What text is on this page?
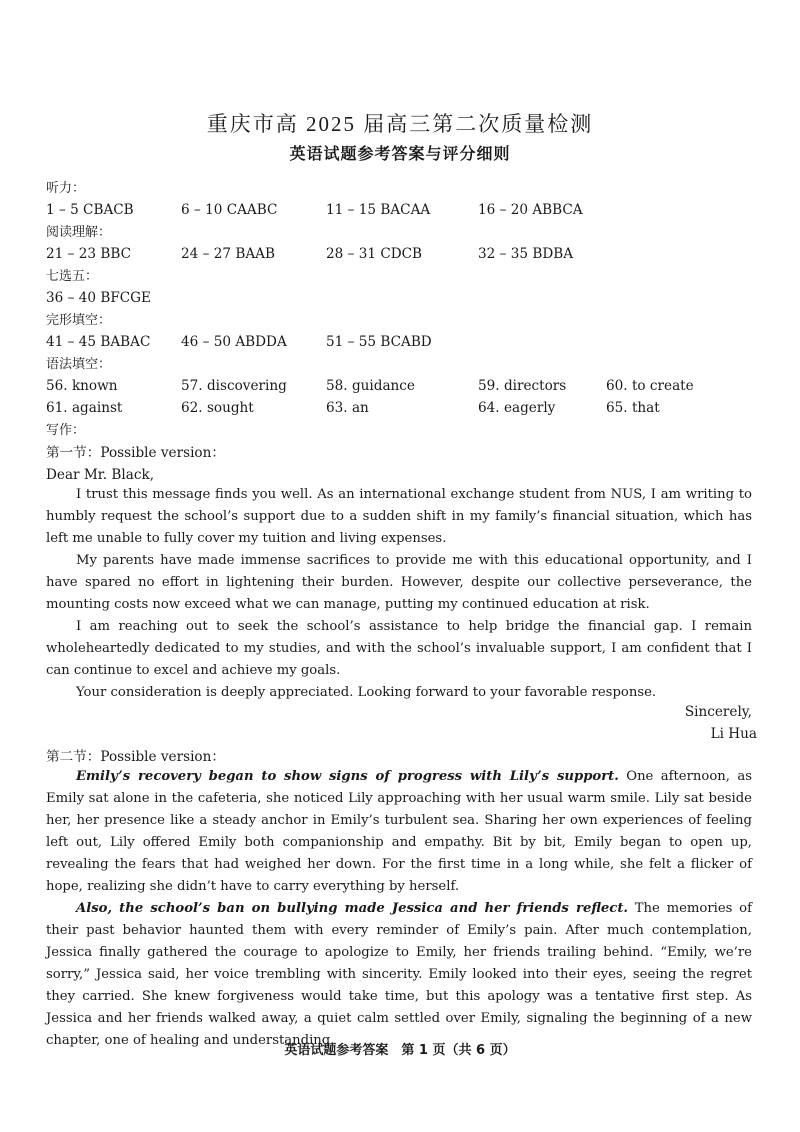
重庆市高 2025 届高三第二次质量检测
英语试题参考答案与评分细则
听力：
1 – 5 CBACB	6 – 10 CAABC	11 – 15 BACAA	16 – 20 ABBCA
阅读理解：
21 – 23 BBC	24 – 27 BAAB	28 – 31 CDCB	32 – 35 BDBA
七选五：
36 – 40 BFCGE
完形填空：
41 – 45 BABAC 46 – 50 ABDDA	51 – 55 BCABD
语法填空：
56. known	57. discovering	58. guidance	59. directors	60. to create
61. against	62. sought	63. an	64. eagerly	65. that
写作：
第一节：Possible version：
Dear Mr. Black,

I trust this message finds you well. As an international exchange student from NUS, I am writing to humbly request the school’s support due to a sudden shift in my family’s financial situation, which has left me unable to fully cover my tuition and living expenses.

My parents have made immense sacrifices to provide me with this educational opportunity, and I have spared no effort in lightening their burden. However, despite our collective perseverance, the mounting costs now exceed what we can manage, putting my continued education at risk.

I am reaching out to seek the school’s assistance to help bridge the financial gap. I remain wholeheartedly dedicated to my studies, and with the school’s invaluable support, I am confident that I can continue to excel and achieve my goals.

Your consideration is deeply appreciated. Looking forward to your favorable response.

Sincerely,
Li Hua
第二节：Possible version：

Emily’s recovery began to show signs of progress with Lily’s support. One afternoon, as Emily sat alone in the cafeteria, she noticed Lily approaching with her usual warm smile. Lily sat beside her, her presence like a steady anchor in Emily’s turbulent sea. Sharing her own experiences of feeling left out, Lily offered Emily both companionship and empathy. Bit by bit, Emily began to open up, revealing the fears that had weighed her down. For the first time in a long while, she felt a flicker of hope, realizing she didn’t have to carry everything by herself.

Also, the school’s ban on bullying made Jessica and her friends reflect. The memories of their past behavior haunted them with every reminder of Emily’s pain. After much contemplation, Jessica finally gathered the courage to apologize to Emily, her friends trailing behind. “Emily, we’re sorry,” Jessica said, her voice trembling with sincerity. Emily looked into their eyes, seeing the regret they carried. She knew forgiveness would take time, but this apology was a tentative first step. As Jessica and her friends walked away, a quiet calm settled over Emily, signaling the beginning of a new chapter, one of healing and understanding.

英语试题参考答案　第 1 页（共 6 页）
